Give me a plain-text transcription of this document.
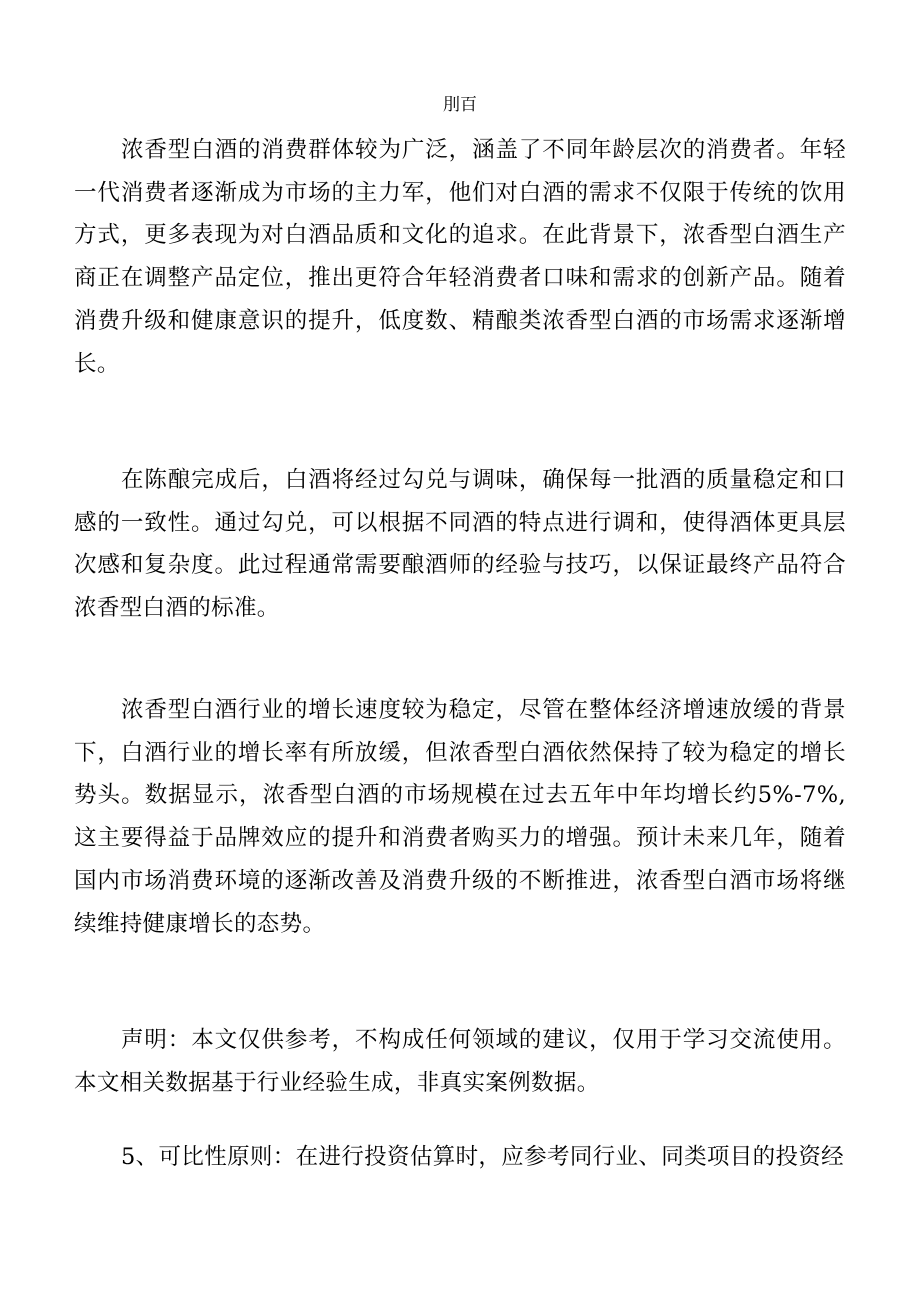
刖百

浓香型白酒的消费群体较为广泛，涵盖了不同年龄层次的消费者。年轻一代消费者逐渐成为市场的主力军，他们对白酒的需求不仅限于传统的饮用方式，更多表现为对白酒品质和文化的追求。在此背景下，浓香型白酒生产商正在调整产品定位，推出更符合年轻消费者口味和需求的创新产品。随着消费升级和健康意识的提升，低度数、精酿类浓香型白酒的市场需求逐渐增长。

在陈酿完成后，白酒将经过勾兑与调味，确保每一批酒的质量稳定和口感的一致性。通过勾兑，可以根据不同酒的特点进行调和，使得酒体更具层次感和复杂度。此过程通常需要酿酒师的经验与技巧，以保证最终产品符合浓香型白酒的标准。

浓香型白酒行业的增长速度较为稳定，尽管在整体经济增速放缓的背景下，白酒行业的增长率有所放缓，但浓香型白酒依然保持了较为稳定的增长势头。数据显示，浓香型白酒的市场规模在过去五年中年均增长约5%-7%,这主要得益于品牌效应的提升和消费者购买力的增强。预计未来几年，随着国内市场消费环境的逐渐改善及消费升级的不断推进，浓香型白酒市场将继续维持健康增长的态势。

声明：本文仅供参考，不构成任何领域的建议，仅用于学习交流使用。本文相关数据基于行业经验生成，非真实案例数据。

5、可比性原则：在进行投资估算时，应参考同行业、同类项目的投资经
